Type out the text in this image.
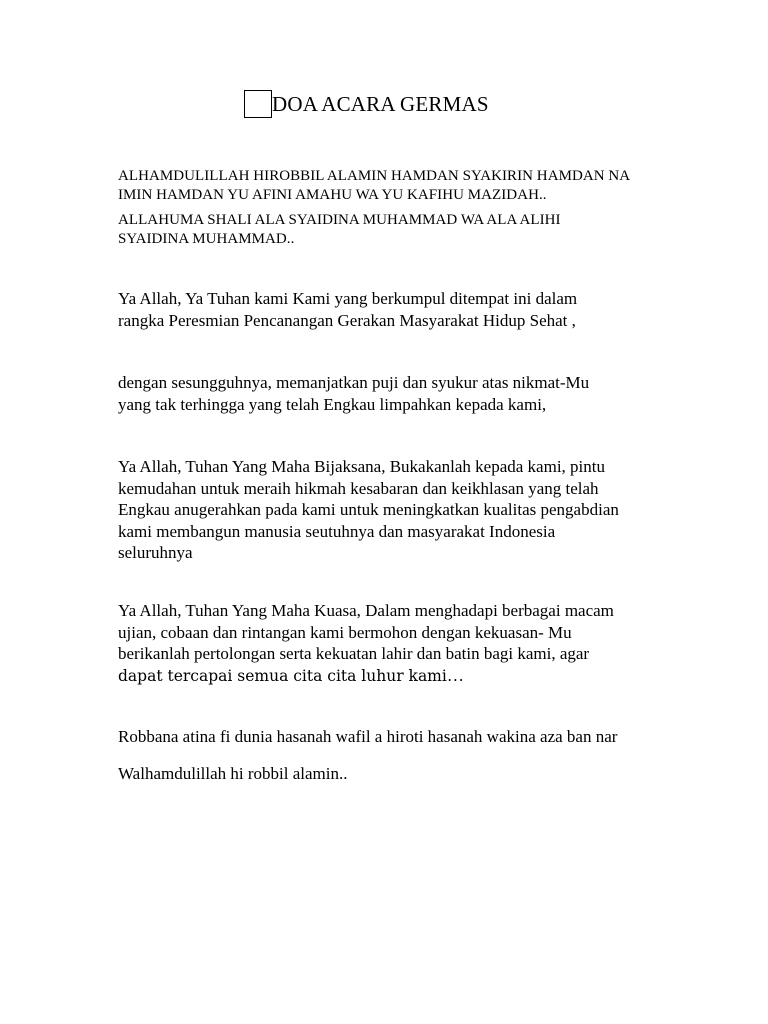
DOA ACARA GERMAS
ALHAMDULILLAH HIROBBIL ALAMIN HAMDAN SYAKIRIN HAMDAN NA
IMIN HAMDAN YU AFINI AMAHU WA YU KAFIHU MAZIDAH..
ALLAHUMA SHALI ALA SYAIDINA MUHAMMAD WA ALA ALIHI
SYAIDINA MUHAMMAD..
Ya Allah, Ya Tuhan kami Kami yang berkumpul ditempat ini dalam
rangka Peresmian Pencanangan Gerakan Masyarakat Hidup Sehat ,
dengan sesungguhnya, memanjatkan puji dan syukur atas nikmat-Mu
yang tak terhingga yang telah Engkau limpahkan kepada kami,
Ya Allah, Tuhan Yang Maha Bijaksana, Bukakanlah kepada kami, pintu
kemudahan untuk meraih hikmah kesabaran dan keikhlasan yang telah
Engkau anugerahkan pada kami untuk meningkatkan kualitas pengabdian
kami membangun manusia seutuhnya dan masyarakat Indonesia
seluruhnya
Ya Allah, Tuhan Yang Maha Kuasa, Dalam menghadapi berbagai macam
ujian, cobaan dan rintangan kami bermohon dengan kekuasan- Mu
berikanlah pertolongan serta kekuatan lahir dan batin bagi kami, agar
dapat tercapai semua cita cita luhur kami…
Robbana atina fi dunia hasanah wafil a hiroti hasanah wakina aza ban nar
Walhamdulillah hi robbil alamin..
